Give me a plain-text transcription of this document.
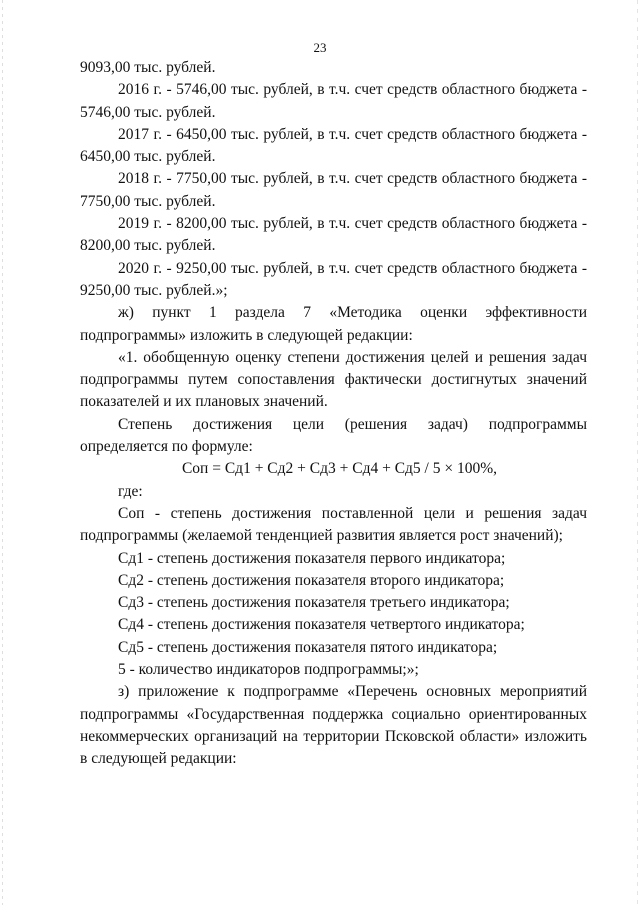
23

9093,00 тыс. рублей.

2016 г. - 5746,00 тыс. рублей, в т.ч. счет средств областного бюджета - 5746,00 тыс. рублей.

2017 г. - 6450,00 тыс. рублей, в т.ч. счет средств областного бюджета - 6450,00 тыс. рублей.

2018 г. - 7750,00 тыс. рублей, в т.ч. счет средств областного бюджета - 7750,00 тыс. рублей.

2019 г. - 8200,00 тыс. рублей, в т.ч. счет средств областного бюджета - 8200,00 тыс. рублей.

2020 г. - 9250,00 тыс. рублей, в т.ч. счет средств областного бюджета - 9250,00 тыс. рублей.»;

ж) пункт 1 раздела 7 «Методика оценки эффективности подпрограммы» изложить в следующей редакции:

«1. обобщенную оценку степени достижения целей и решения задач подпрограммы путем сопоставления фактически достигнутых значений показателей и их плановых значений.

Степень достижения цели (решения задач) подпрограммы определяется по формуле:

Соп = Сд1 + Сд2 + Сд3 + Сд4 + Сд5 / 5 × 100%,

где:

Соп - степень достижения поставленной цели и решения задач подпрограммы (желаемой тенденцией развития является рост значений);

Сд1 - степень достижения показателя первого индикатора;

Сд2 - степень достижения показателя второго индикатора;

Сд3 - степень достижения показателя третьего индикатора;

Сд4 - степень достижения показателя четвертого индикатора;

Сд5 - степень достижения показателя пятого индикатора;

5 - количество индикаторов подпрограммы;»;

з) приложение к подпрограмме «Перечень основных мероприятий подпрограммы «Государственная поддержка социально ориентированных некоммерческих организаций на территории Псковской области» изложить в следующей редакции:
